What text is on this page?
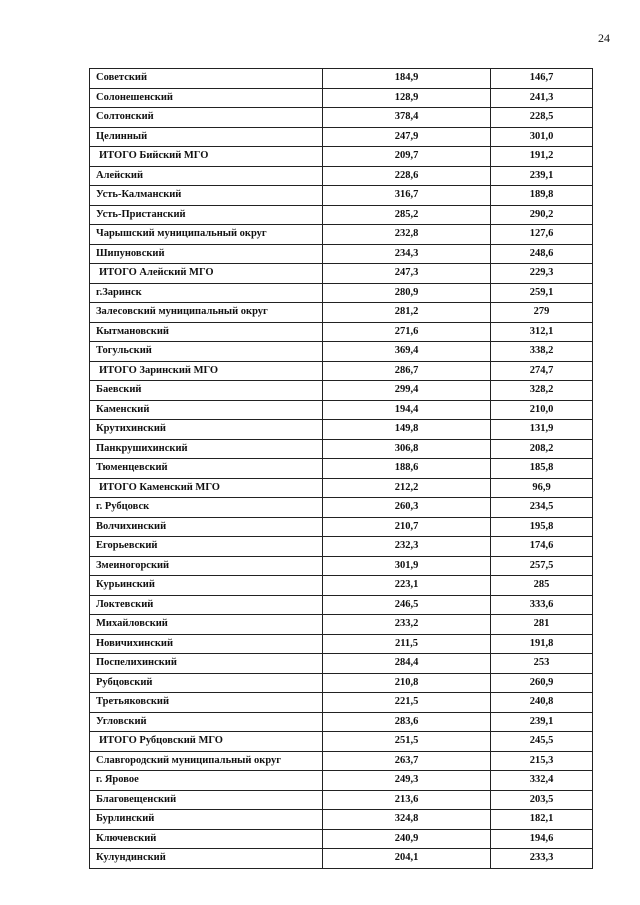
24
Советский	184,9	146,7
Солонешенский	128,9	241,3
Солтонский	378,4	228,5
Целинный	247,9	301,0
ИТОГО Бийский МГО	209,7	191,2
Алейский	228,6	239,1
Усть-Калманский	316,7	189,8
Усть-Пристанский	285,2	290,2
Чарышский муниципальный округ	232,8	127,6
Шипуновский	234,3	248,6
ИТОГО Алейский МГО	247,3	229,3
г.Заринск	280,9	259,1
Залесовский муниципальный округ	281,2	279
Кытмановский	271,6	312,1
Тогульский	369,4	338,2
ИТОГО Заринский МГО	286,7	274,7
Баевский	299,4	328,2
Каменский	194,4	210,0
Крутихинский	149,8	131,9
Панкрушихинский	306,8	208,2
Тюменцевский	188,6	185,8
ИТОГО Каменский МГО	212,2	96,9
г. Рубцовск	260,3	234,5
Волчихинский	210,7	195,8
Егорьевский	232,3	174,6
Змеиногорский	301,9	257,5
Курьинский	223,1	285
Локтевский	246,5	333,6
Михайловский	233,2	281
Новичихинский	211,5	191,8
Поспелихинский	284,4	253
Рубцовский	210,8	260,9
Третьяковский	221,5	240,8
Угловский	283,6	239,1
ИТОГО Рубцовский МГО	251,5	245,5
Славгородский муниципальный округ	263,7	215,3
г. Яровое	249,3	332,4
Благовещенский	213,6	203,5
Бурлинский	324,8	182,1
Ключевский	240,9	194,6
Кулундинский	204,1	233,3
